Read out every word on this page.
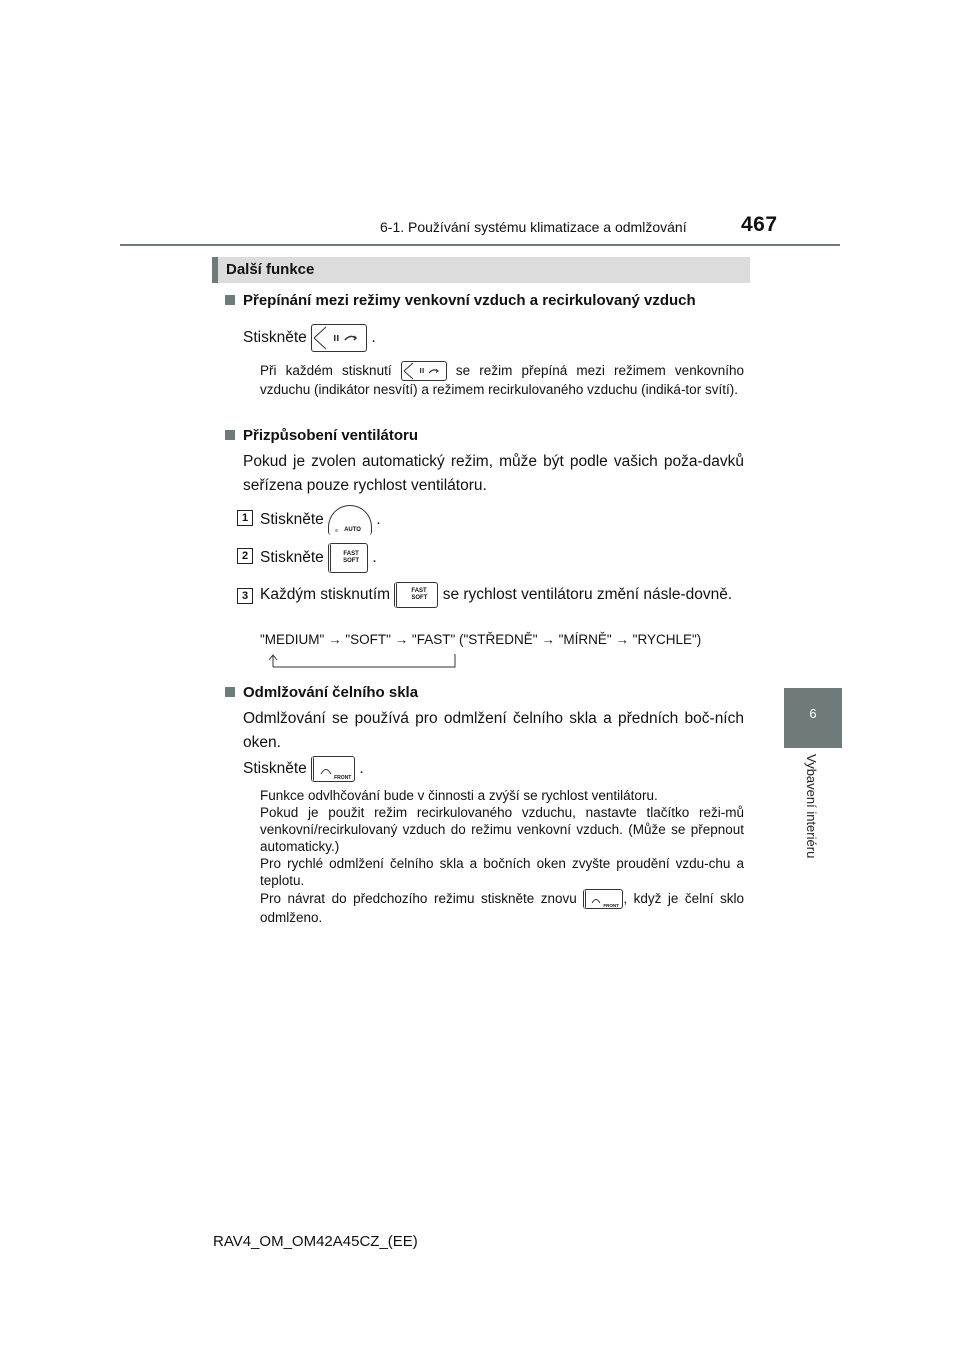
6-1. Používání systému klimatizace a odmlžování	467
6
Vybavení interiéru
Další funkce
Přepínání mezi režimy venkovní vzduch a recirkulovaný vzduch
Stiskněte	.
Při každém stisknutí	se režim přepíná mezi režimem venkovního vzduchu (indikátor nesvítí) a režimem recirkulovaného vzduchu (indiká-tor svítí).
Přizpůsobení ventilátoru
Pokud je zvolen automatický režim, může být podle vašich poža-davků seřízena pouze rychlost ventilátoru.
1 Stiskněte
≡ AUTO
.
2 Stiskněte	FAST
SOFT .
3 Každým stisknutím	FAST
SOFT se rychlost ventilátoru změní násle-dovně.
"MEDIUM" → "SOFT" → "FAST" ("STŘEDNĚ" → "MÍRNĚ" → "RYCHLE")
Odmlžování čelního skla
Odmlžování se používá pro odmlžení čelního skla a předních boč-ních oken.
Stiskněte
FRONT
.
Funkce odvlhčování bude v činnosti a zvýší se rychlost ventilátoru.
Pokud je použit režim recirkulovaného vzduchu, nastavte tlačítko reži-mů venkovní/recirkulovaný vzduch do režimu venkovní vzduch. (Může se přepnout automaticky.)
Pro rychlé odmlžení čelního skla a bočních oken zvyšte proudění vzdu-chu a teplotu.
Pro návrat do předchozího režimu stiskněte znovu	FRONT , když je čelní sklo odmlženo.
RAV4_OM_OM42A45CZ_(EE)
